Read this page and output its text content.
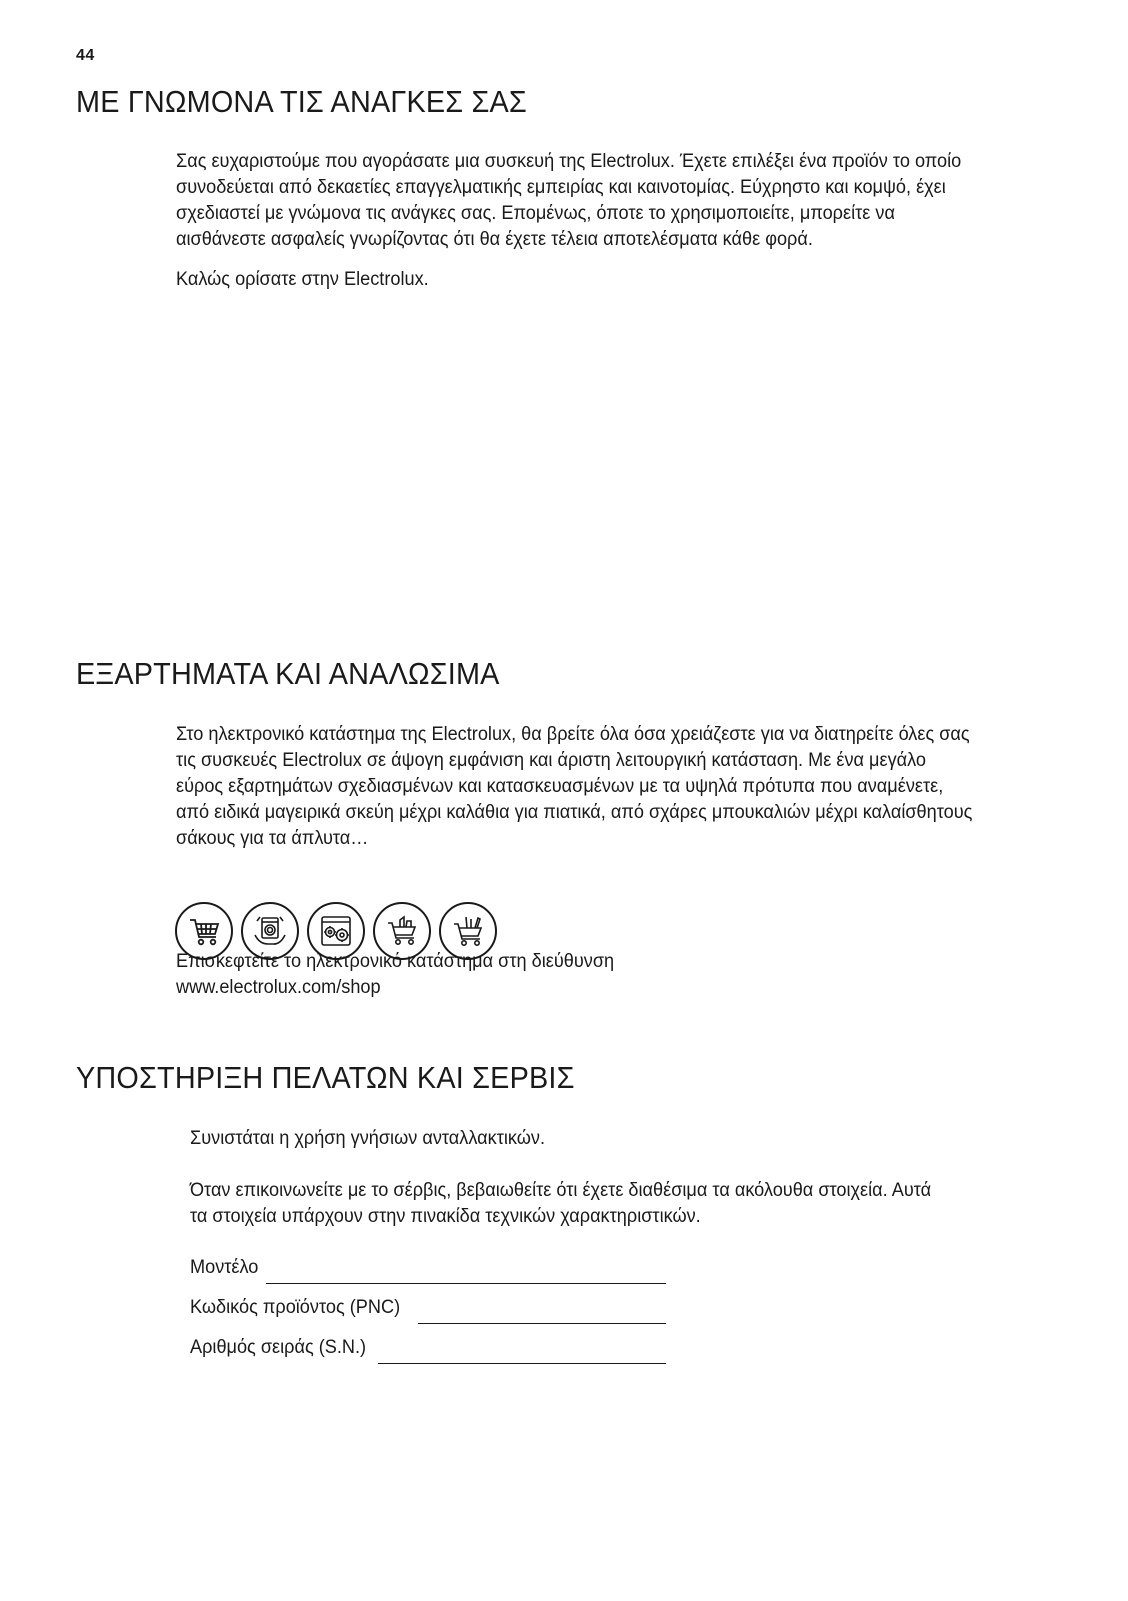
44
ΜΕ ΓΝΩΜΟΝΑ ΤΙΣ ΑΝΑΓΚΕΣ ΣΑΣ

Σας ευχαριστούμε που αγοράσατε μια συσκευή της Electrolux. Έχετε επιλέξει ένα προϊόν το οποίο
συνοδεύεται από δεκαετίες επαγγελματικής εμπειρίας και καινοτομίας. Εύχρηστο και κομψό, έχει
σχεδιαστεί με γνώμονα τις ανάγκες σας. Επομένως, όποτε το χρησιμοποιείτε, μπορείτε να
αισθάνεστε ασφαλείς γνωρίζοντας ότι θα έχετε τέλεια αποτελέσματα κάθε φορά.

Καλώς ορίσατε στην Electrolux.

ΕΞΑΡΤΗΜΑΤΑ ΚΑΙ ΑΝΑΛΩΣΙΜΑ

Στο ηλεκτρονικό κατάστημα της Electrolux, θα βρείτε όλα όσα χρειάζεστε για να διατηρείτε όλες σας
τις συσκευές Electrolux σε άψογη εμφάνιση και άριστη λειτουργική κατάσταση. Με ένα μεγάλο
εύρος εξαρτημάτων σχεδιασμένων και κατασκευασμένων με τα υψηλά πρότυπα που αναμένετε,
από ειδικά μαγειρικά σκεύη μέχρι καλάθια για πιατικά, από σχάρες μπουκαλιών μέχρι καλαίσθητους
σάκους για τα άπλυτα…

Επισκεφτείτε το ηλεκτρονικό κατάστημα στη διεύθυνση
www.electrolux.com/shop

ΥΠΟΣΤΗΡΙΞΗ ΠΕΛΑΤΩΝ ΚΑΙ ΣΕΡΒΙΣ

Συνιστάται η χρήση γνήσιων ανταλλακτικών.

Όταν επικοινωνείτε με το σέρβις, βεβαιωθείτε ότι έχετε διαθέσιμα τα ακόλουθα στοιχεία. Αυτά
τα στοιχεία υπάρχουν στην πινακίδα τεχνικών χαρακτηριστικών.

Μοντέλο
Κωδικός προϊόντος (PNC)
Αριθμός σειράς (S.N.)
